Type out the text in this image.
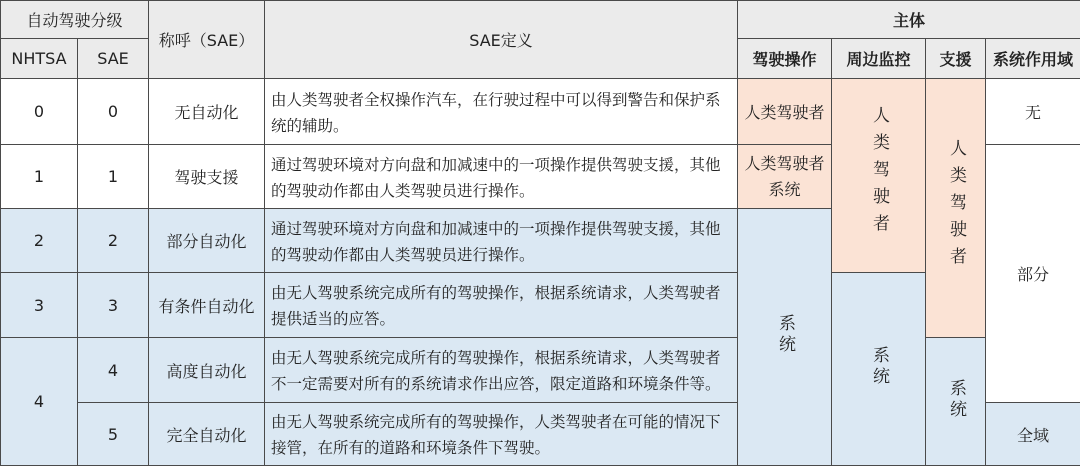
自动驾驶分级		称呼（SAE）	SAE定义	主体			
NHTSA	SAE			驾驶操作	周边监控	支援	系统作用域
0	0	无自动化	由人类驾驶者全权操作汽车，在行驶过程中可以得到警告和保护系统的辅助。	人类驾驶者	人类驾驶者	人类驾驶者	无
1	1	驾驶支援	通过驾驶环境对方向盘和加减速中的一项操作提供驾驶支援，其他的驾驶动作都由人类驾驶员进行操作。	人类驾驶者系统			部分
2	2	部分自动化	通过驾驶环境对方向盘和加减速中的一项操作提供驾驶支援，其他的驾驶动作都由人类驾驶员进行操作。	系统			
3	3	有条件自动化	由无人驾驶系统完成所有的驾驶操作，根据系统请求，人类驾驶者提供适当的应答。		系统		
4	4	高度自动化	由无人驾驶系统完成所有的驾驶操作，根据系统请求，人类驾驶者不一定需要对所有的系统请求作出应答，限定道路和环境条件等。			系统	
	5	完全自动化	由无人驾驶系统完成所有的驾驶操作，人类驾驶者在可能的情况下接管，在所有的道路和环境条件下驾驶。				全域
